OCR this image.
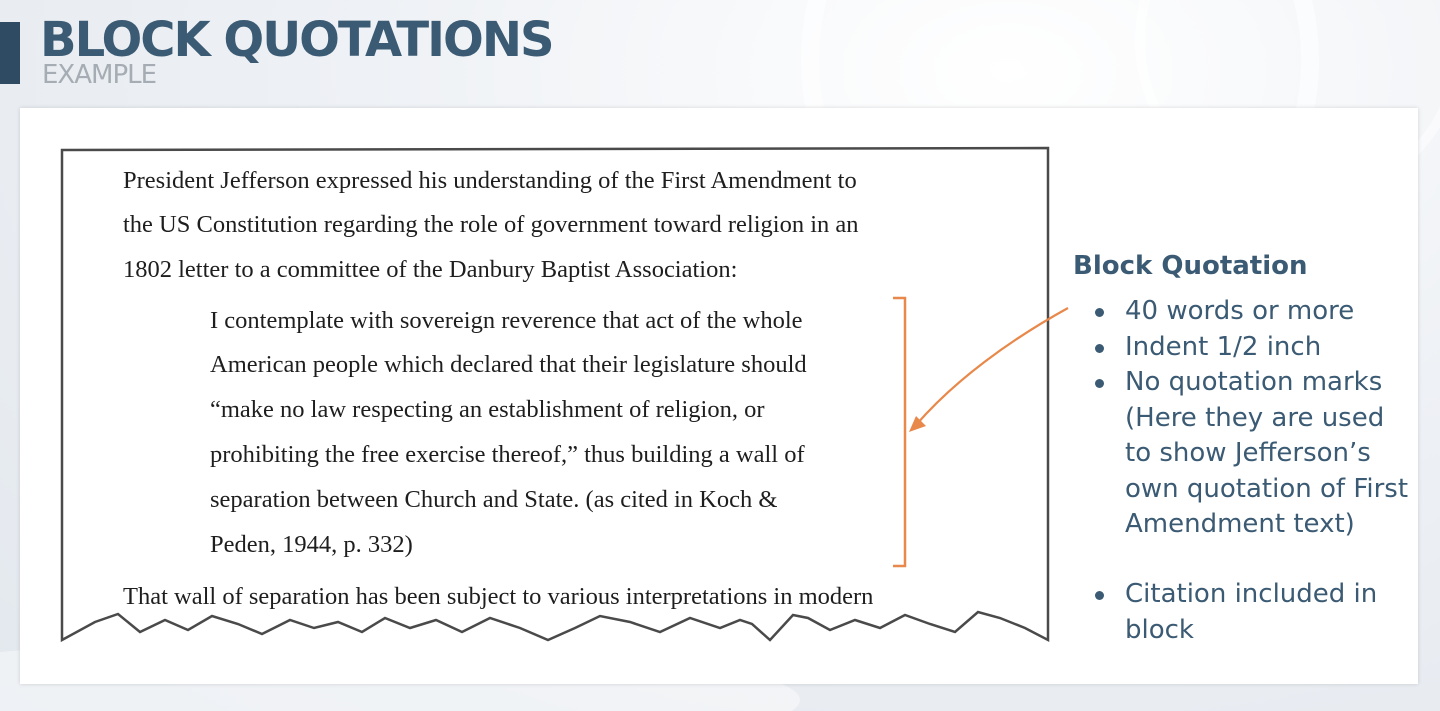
BLOCK QUOTATIONS
EXAMPLE
President Jefferson expressed his understanding of the First Amendment to
the US Constitution regarding the role of government toward religion in an
1802 letter to a committee of the Danbury Baptist Association:
I contemplate with sovereign reverence that act of the whole
American people which declared that their legislature should
“make no law respecting an establishment of religion, or
prohibiting the free exercise thereof,” thus building a wall of
separation between Church and State. (as cited in Koch &
Peden, 1944, p. 332)
That wall of separation has been subject to various interpretations in modern
Block Quotation
40 words or more
Indent 1/2 inch
No quotation marks (Here they are used to show Jefferson’s own quotation of First Amendment text)
Citation included in block
